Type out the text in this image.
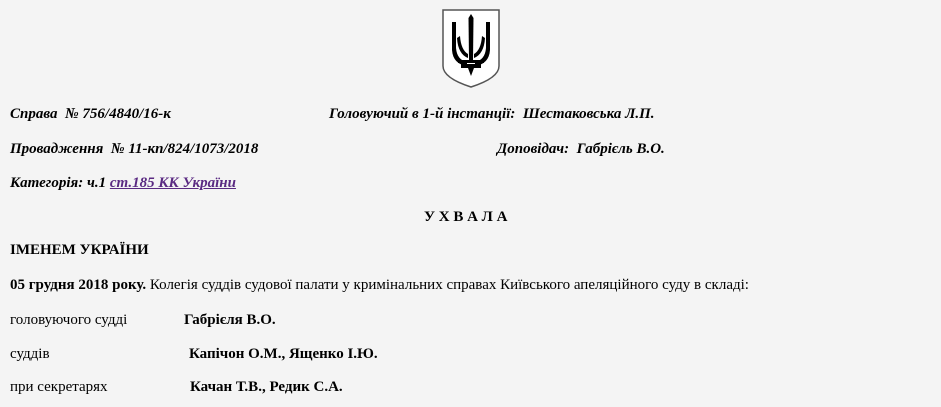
Справа № 756/4840/16-к	Головуючий в 1-й інстанції: Шестаковська Л.П.
Провадження № 11-кп/824/1073/2018	Доповідач: Габрієль В.О.
Категорія: ч.1 ст.185 КК України
У Х В А Л А
ІМЕНЕМ УКРАЇНИ
05 грудня 2018 року. Колегія суддів судової палати у кримінальних справах Київського апеляційного суду в складі:
головуючого судді	Габрієля В.О.
суддів	Капічон О.М., Ященко І.Ю.
при секретарях	Качан Т.В., Редик С.А.
